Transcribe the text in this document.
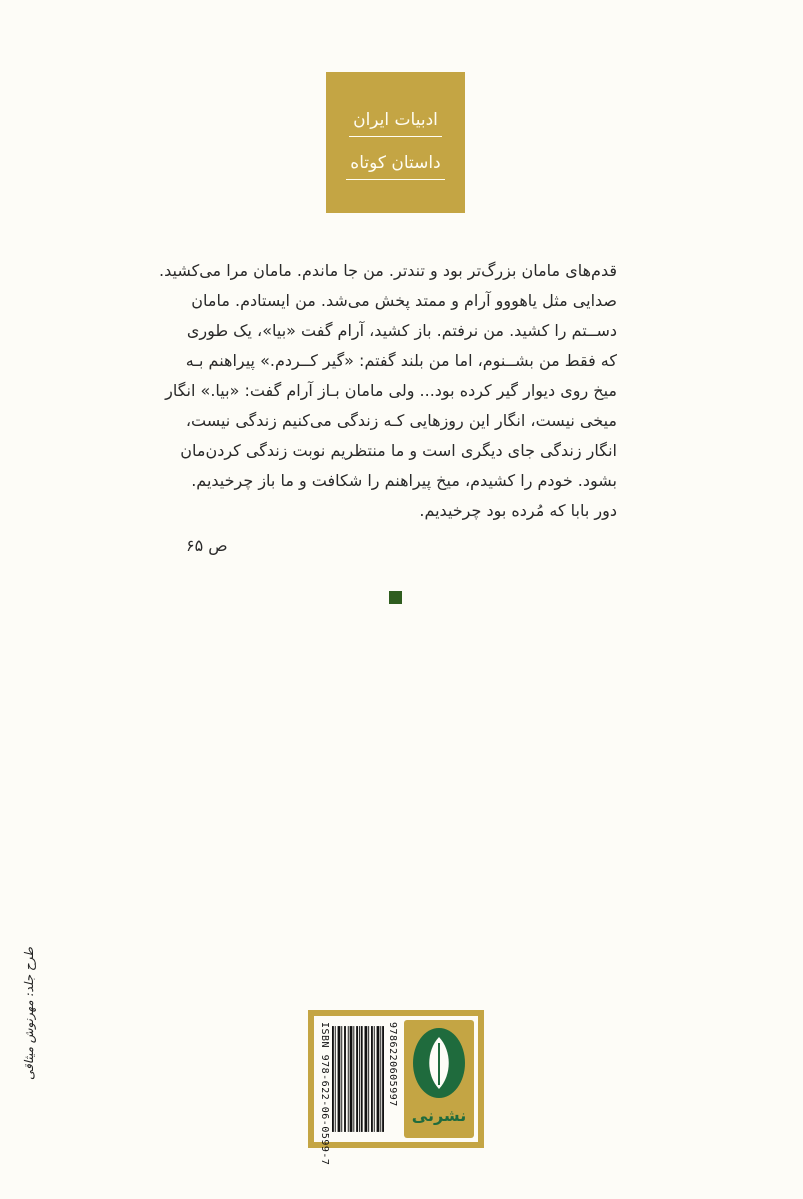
ادبیات ایران
داستان کوتاه

قدم‌های مامان بزرگ‌تر بود و تندتر. من جا ماندم. مامان مرا می‌کشید.

صدایی مثل یاهووو آرام و ممتد پخش می‌شد. من ایستادم. مامان

دســتم را کشید. من نرفتم. باز کشید، آرام گفت «بیا»، یک طوری

که فقط من بشــنوم، اما من بلند گفتم: «گیر کــردم.» پیراهنم بـه

میخ روی دیوار گیر کرده بود... ولی مامان بـاز آرام گفت: «بیا.» انگار

میخی نیست، انگار این روزهایی کـه زندگی می‌کنیم زندگی نیست،

انگار زندگی جای دیگری است و ما منتظریم نوبت زندگی کردن‌مان

بشود. خودم را کشیدم، میخ پیراهنم را شکافت و ما باز چرخیدیم.

دور بابا که مُرده بود چرخیدیم.

ص ۶۵
ISBN 978-622-06-0599-7	9786220605997
نشرنی
طرح جلد: مهرنوش میثاقی
